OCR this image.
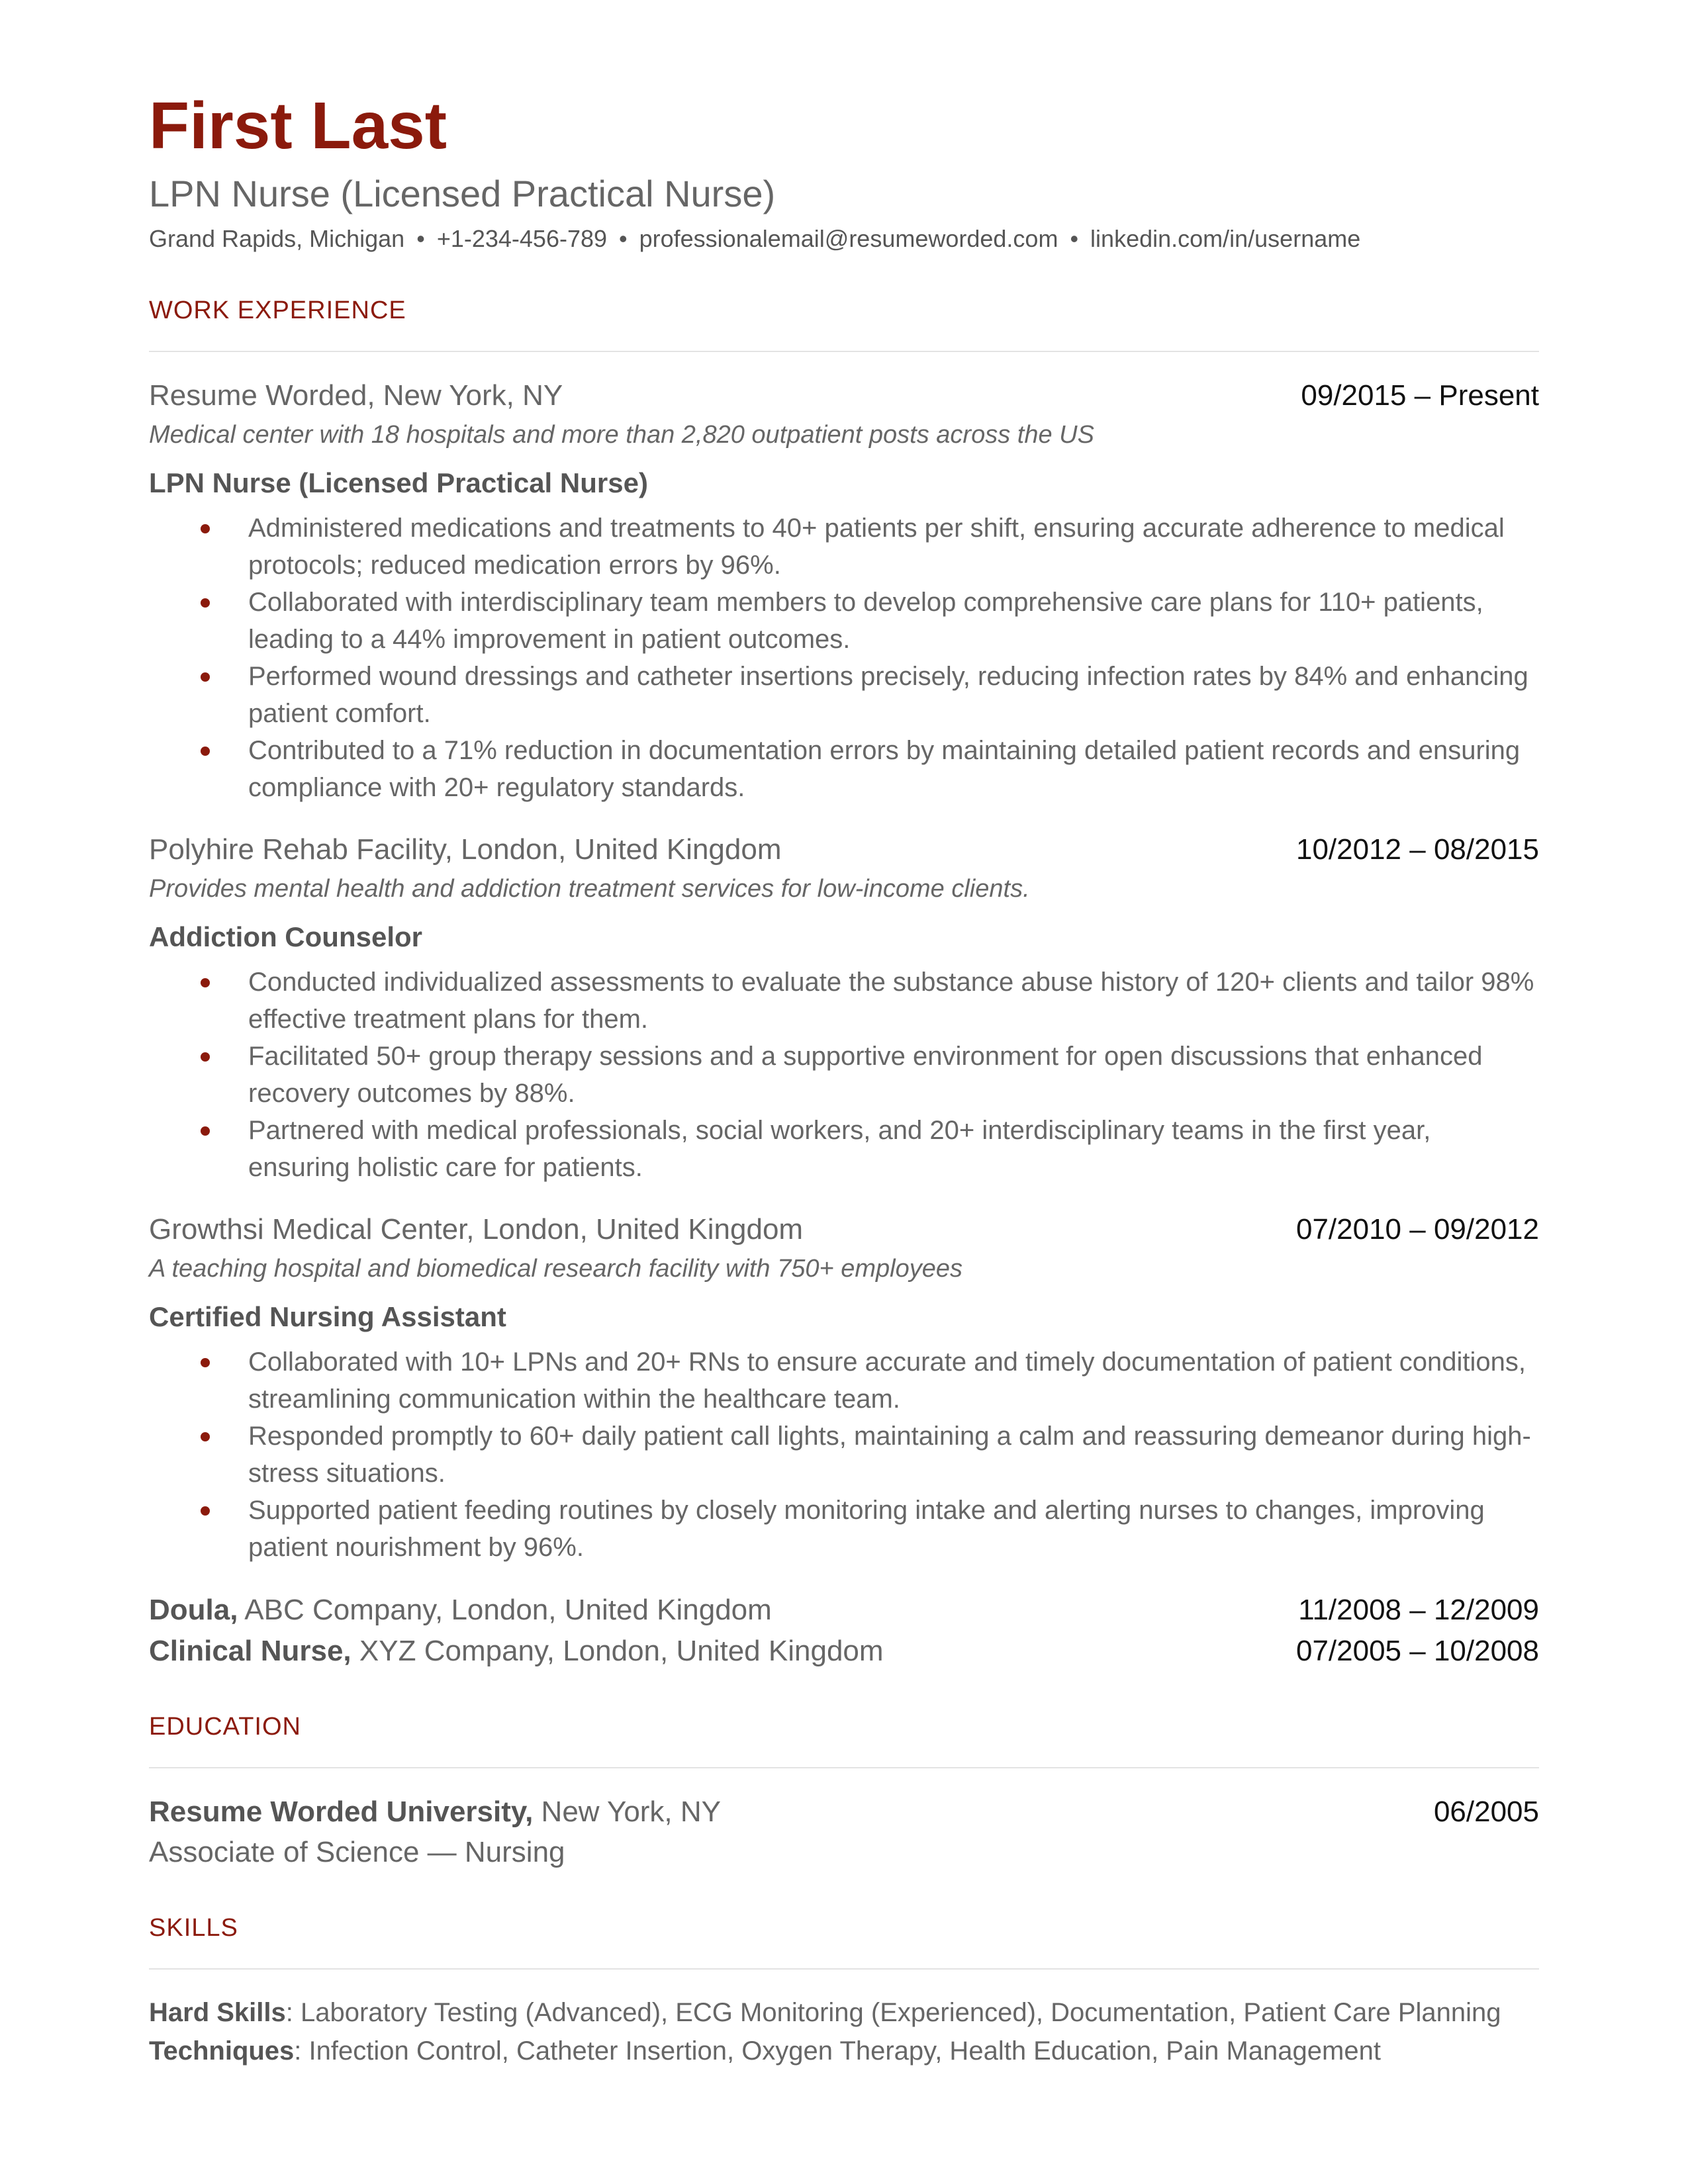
First Last
LPN Nurse (Licensed Practical Nurse)
Grand Rapids, Michigan • +1-234-456-789 • professionalemail@resumeworded.com • linkedin.com/in/username
WORK EXPERIENCE
Resume Worded, New York, NY	09/2015 – Present
Medical center with 18 hospitals and more than 2,820 outpatient posts across the US
LPN Nurse (Licensed Practical Nurse)
Administered medications and treatments to 40+ patients per shift, ensuring accurate adherence to medical protocols; reduced medication errors by 96%.
Collaborated with interdisciplinary team members to develop comprehensive care plans for 110+ patients, leading to a 44% improvement in patient outcomes.
Performed wound dressings and catheter insertions precisely, reducing infection rates by 84% and enhancing patient comfort.
Contributed to a 71% reduction in documentation errors by maintaining detailed patient records and ensuring compliance with 20+ regulatory standards.
Polyhire Rehab Facility, London, United Kingdom	10/2012 – 08/2015
Provides mental health and addiction treatment services for low-income clients.
Addiction Counselor
Conducted individualized assessments to evaluate the substance abuse history of 120+ clients and tailor 98% effective treatment plans for them.
Facilitated 50+ group therapy sessions and a supportive environment for open discussions that enhanced recovery outcomes by 88%.
Partnered with medical professionals, social workers, and 20+ interdisciplinary teams in the first year, ensuring holistic care for patients.
Growthsi Medical Center, London, United Kingdom	07/2010 – 09/2012
A teaching hospital and biomedical research facility with 750+ employees
Certified Nursing Assistant
Collaborated with 10+ LPNs and 20+ RNs to ensure accurate and timely documentation of patient conditions, streamlining communication within the healthcare team.
Responded promptly to 60+ daily patient call lights, maintaining a calm and reassuring demeanor during high-stress situations.
Supported patient feeding routines by closely monitoring intake and alerting nurses to changes, improving patient nourishment by 96%.
Doula, ABC Company, London, United Kingdom	11/2008 – 12/2009
Clinical Nurse, XYZ Company, London, United Kingdom	07/2005 – 10/2008
EDUCATION
Resume Worded University, New York, NY	06/2005
Associate of Science — Nursing
SKILLS
Hard Skills: Laboratory Testing (Advanced), ECG Monitoring (Experienced), Documentation, Patient Care Planning
Techniques: Infection Control, Catheter Insertion, Oxygen Therapy, Health Education, Pain Management
